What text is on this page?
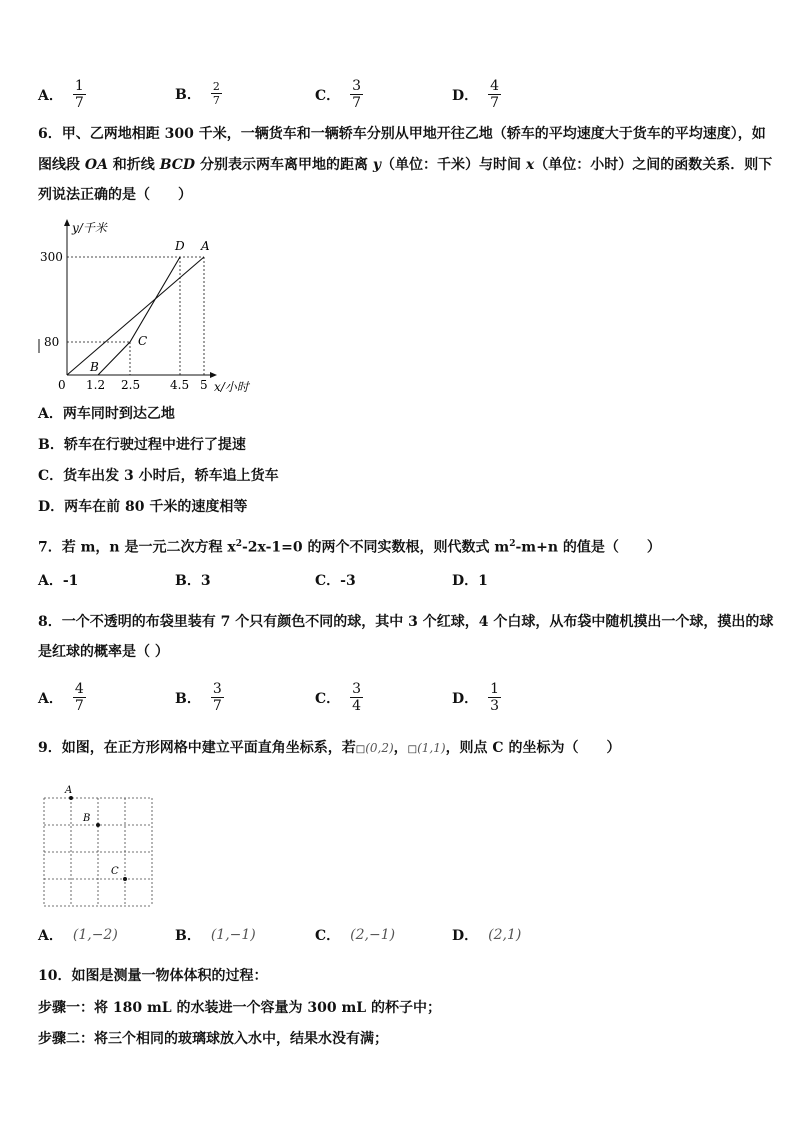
A． $\frac{1}{7}$	B． $\frac{2}{7}$	C． $\frac{3}{7}$	D． $\frac{4}{7}$
6．甲、乙两地相距 300 千米，一辆货车和一辆轿车分别从甲地开往乙地（轿车的平均速度大于货车的平均速度），如
图线段 OA 和折线 BCD 分别表示两车离甲地的距离 y（单位：千米）与时间 x（单位：小时）之间的函数关系．则下
列说法正确的是（　　）
y/千米
x/小时
0
300
80
1.2 2.5 4.5 5
D A
C
B
A．两车同时到达乙地
B．轿车在行驶过程中进行了提速
C．货车出发 3 小时后，轿车追上货车
D．两车在前 80 千米的速度相等
7．若 m，n 是一元二次方程 $x^2-2x-1=0$ 的两个不同实数根，则代数式 $m^2-m+n$ 的值是（　　）
A．-1	B．3	C．-3	D．1
8．一个不透明的布袋里装有 7 个只有颜色不同的球，其中 3 个红球，4 个白球，从布袋中随机摸出一个球，摸出的球
是红球的概率是（ ）
A． $\frac{4}{7}$	B． $\frac{3}{7}$	C． $\frac{3}{4}$	D． $\frac{1}{3}$
9．如图，在正方形网格中建立平面直角坐标系，若□(0,2)，□(1,1)，则点 C 的坐标为（　　）
A
B
C
A． (1,−2)	B． (1,−1)	C． (2,−1)	D． (2,1)
10．如图是测量一物体体积的过程：
步骤一：将 180 mL 的水装进一个容量为 300 mL 的杯子中；
步骤二：将三个相同的玻璃球放入水中，结果水没有满；
